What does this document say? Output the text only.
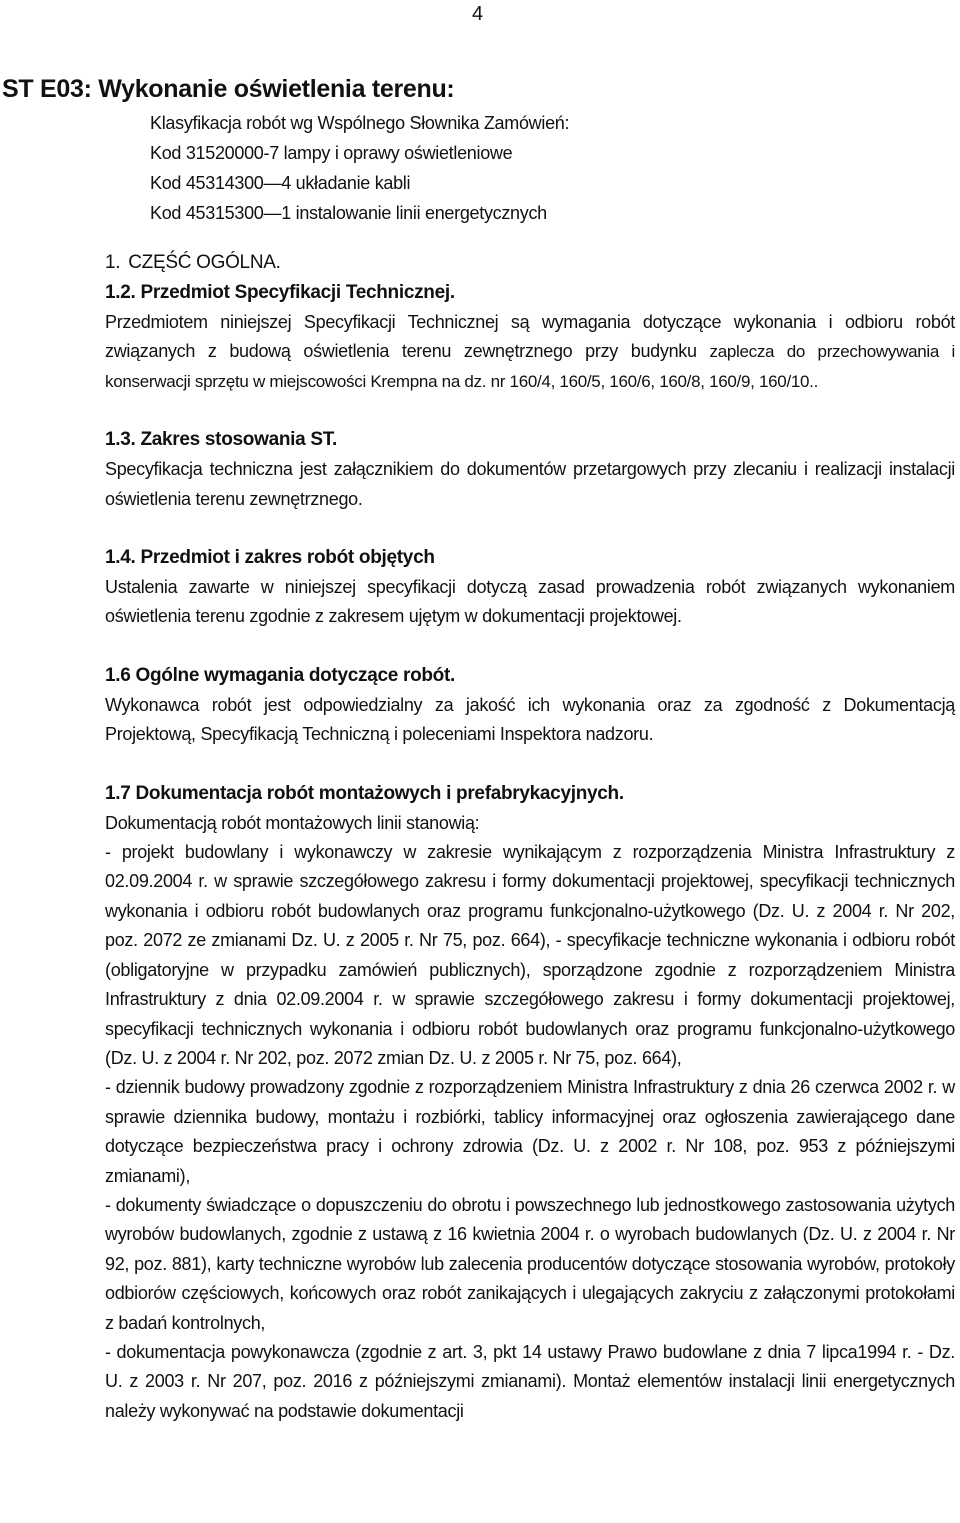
4
ST E03: Wykonanie oświetlenia terenu:
Klasyfikacja robót wg Wspólnego Słownika Zamówień:
Kod 31520000-7 lampy i oprawy oświetleniowe
Kod 45314300—4 układanie kabli
Kod 45315300—1 instalowanie linii energetycznych
1. CZĘŚĆ OGÓLNA.
1.2. Przedmiot Specyfikacji Technicznej.

Przedmiotem niniejszej Specyfikacji Technicznej są wymagania dotyczące wykonania i odbioru robót związanych z budową oświetlenia terenu zewnętrznego przy budynku zaplecza do przechowywania i konserwacji sprzętu w miejscowości Krempna na dz. nr 160/4, 160/5, 160/6, 160/8, 160/9, 160/10..

1.3. Zakres stosowania ST.

Specyfikacja techniczna jest załącznikiem do dokumentów przetargowych przy zlecaniu i realizacji instalacji oświetlenia terenu zewnętrznego.

1.4. Przedmiot i zakres robót objętych

Ustalenia zawarte w niniejszej specyfikacji dotyczą zasad prowadzenia robót związanych wykonaniem oświetlenia terenu zgodnie z zakresem ujętym w dokumentacji projektowej.

1.6 Ogólne wymagania dotyczące robót.

Wykonawca robót jest odpowiedzialny za jakość ich wykonania oraz za zgodność z Dokumentacją Projektową, Specyfikacją Techniczną i poleceniami Inspektora nadzoru.

1.7 Dokumentacja robót montażowych i prefabrykacyjnych.

Dokumentacją robót montażowych linii stanowią:

- projekt budowlany i wykonawczy w zakresie wynikającym z rozporządzenia Ministra Infrastruktury z 02.09.2004 r. w sprawie szczegółowego zakresu i formy dokumentacji projektowej, specyfikacji technicznych wykonania i odbioru robót budowlanych oraz programu funkcjonalno-użytkowego (Dz. U. z 2004 r. Nr 202, poz. 2072 ze zmianami Dz. U. z 2005 r. Nr 75, poz. 664), - specyfikacje techniczne wykonania i odbioru robót (obligatoryjne w przypadku zamówień publicznych), sporządzone zgodnie z rozporządzeniem Ministra Infrastruktury z dnia 02.09.2004 r. w sprawie szczegółowego zakresu i formy dokumentacji projektowej, specyfikacji technicznych wykonania i odbioru robót budowlanych oraz programu funkcjonalno-użytkowego (Dz. U. z 2004 r. Nr 202, poz. 2072 zmian Dz. U. z 2005 r. Nr 75, poz. 664),

- dziennik budowy prowadzony zgodnie z rozporządzeniem Ministra Infrastruktury z dnia 26 czerwca 2002 r. w sprawie dziennika budowy, montażu i rozbiórki, tablicy informacyjnej oraz ogłoszenia zawierającego dane dotyczące bezpieczeństwa pracy i ochrony zdrowia (Dz. U. z 2002 r. Nr 108, poz. 953 z późniejszymi zmianami),

- dokumenty świadczące o dopuszczeniu do obrotu i powszechnego lub jednostkowego zastosowania użytych wyrobów budowlanych, zgodnie z ustawą z 16 kwietnia 2004 r. o wyrobach budowlanych (Dz. U. z 2004 r. Nr 92, poz. 881), karty techniczne wyrobów lub zalecenia producentów dotyczące stosowania wyrobów, protokoły odbiorów częściowych, końcowych oraz robót zanikających i ulegających zakryciu z załączonymi protokołami z badań kontrolnych,

- dokumentacja powykonawcza (zgodnie z art. 3, pkt 14 ustawy Prawo budowlane z dnia 7 lipca1994 r. - Dz. U. z 2003 r. Nr 207, poz. 2016 z późniejszymi zmianami). Montaż elementów instalacji linii energetycznych należy wykonywać na podstawie dokumentacji
